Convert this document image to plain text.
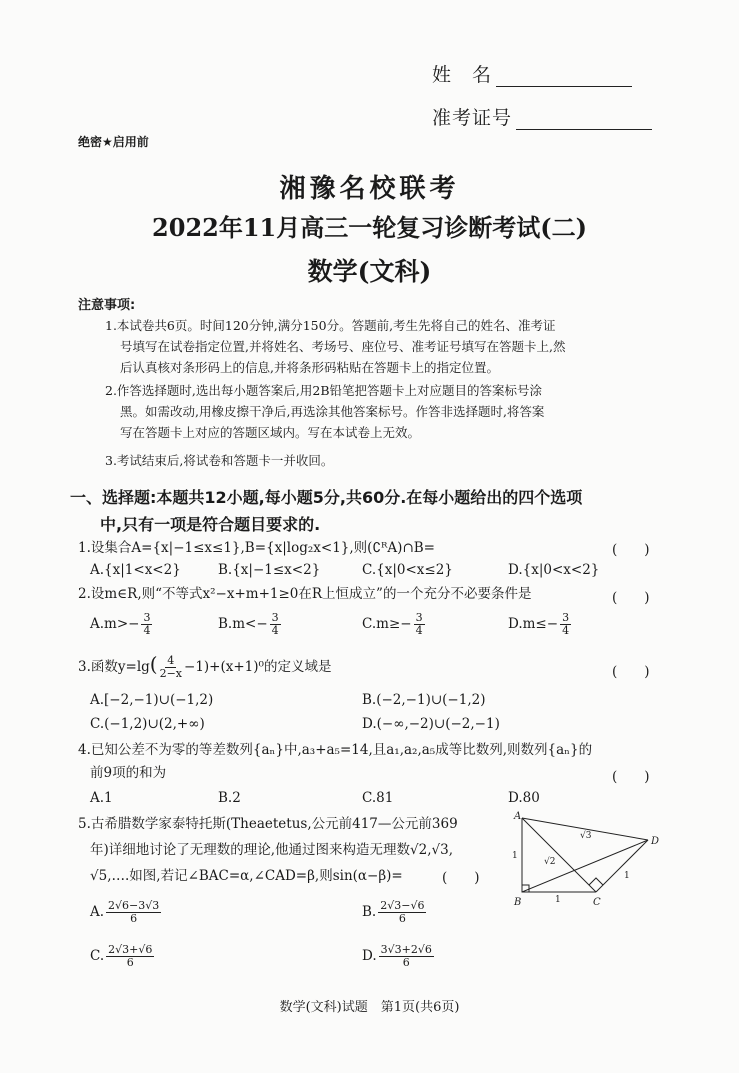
姓　名
准考证号
绝密★启用前
湘豫名校联考
2022年11月高三一轮复习诊断考试(二)
数学(文科)
注意事项:
1.本试卷共6页。时间120分钟,满分150分。答题前,考生先将自己的姓名、准考证
号填写在试卷指定位置,并将姓名、考场号、座位号、准考证号填写在答题卡上,然
后认真核对条形码上的信息,并将条形码粘贴在答题卡上的指定位置。
2.作答选择题时,选出每小题答案后,用2B铅笔把答题卡上对应题目的答案标号涂
黑。如需改动,用橡皮擦干净后,再选涂其他答案标号。作答非选择题时,将答案
写在答题卡上对应的答题区域内。写在本试卷上无效。
3.考试结束后,将试卷和答题卡一并收回。
一、选择题:本题共12小题,每小题5分,共60分.在每小题给出的四个选项
中,只有一项是符合题目要求的.
1.设集合A={x|−1≤x≤1},B={x|log₂x<1},则(∁ᴿA)∩B=	(　　)
A.{x|1<x<2}	B.{x|−1≤x<2}	C.{x|0<x≤2}	D.{x|0<x<2}
2.设m∈R,则“不等式x²−x+m+1≥0在R上恒成立”的一个充分不必要条件是	(　　)
$A.m>- \frac{3}{4}$	$B.m<- \frac{3}{4}$	$C.m\ge- \frac{3}{4}$	$D.m\le- \frac{3}{4}$
3.函数$y=\lg( \frac{4}{2-x} -1)+(x+1)^0$的定义域是	(　　)
A.[−2,−1)∪(−1,2)	B.(−2,−1)∪(−1,2)
C.(−1,2)∪(2,+∞)	D.(−∞,−2)∪(−2,−1)
4.已知公差不为零的等差数列{aₙ}中,a₃+a₅=14,且a₁,a₂,a₅成等比数列,则数列{aₙ}的
前9项的和为	(　　)
A.1	B.2	C.81	D.80
5.古希腊数学家泰特托斯(Theaetetus,公元前417—公元前369
年)详细地讨论了无理数的理论,他通过图来构造无理数√2,√3,
√5,….如图,若记∠BAC=α,∠CAD=β,则sin(α−β)=	(　　)
A. $\frac{2√6-3√3}{6}$	B. $\frac{2√3-√6}{6}$
C. $\frac{2√3+√6}{6}$	D. $\frac{3√3+2√6}{6}$
A
B	C
D
1
1
1
√2
√3
数学(文科)试题　第1页(共6页)
